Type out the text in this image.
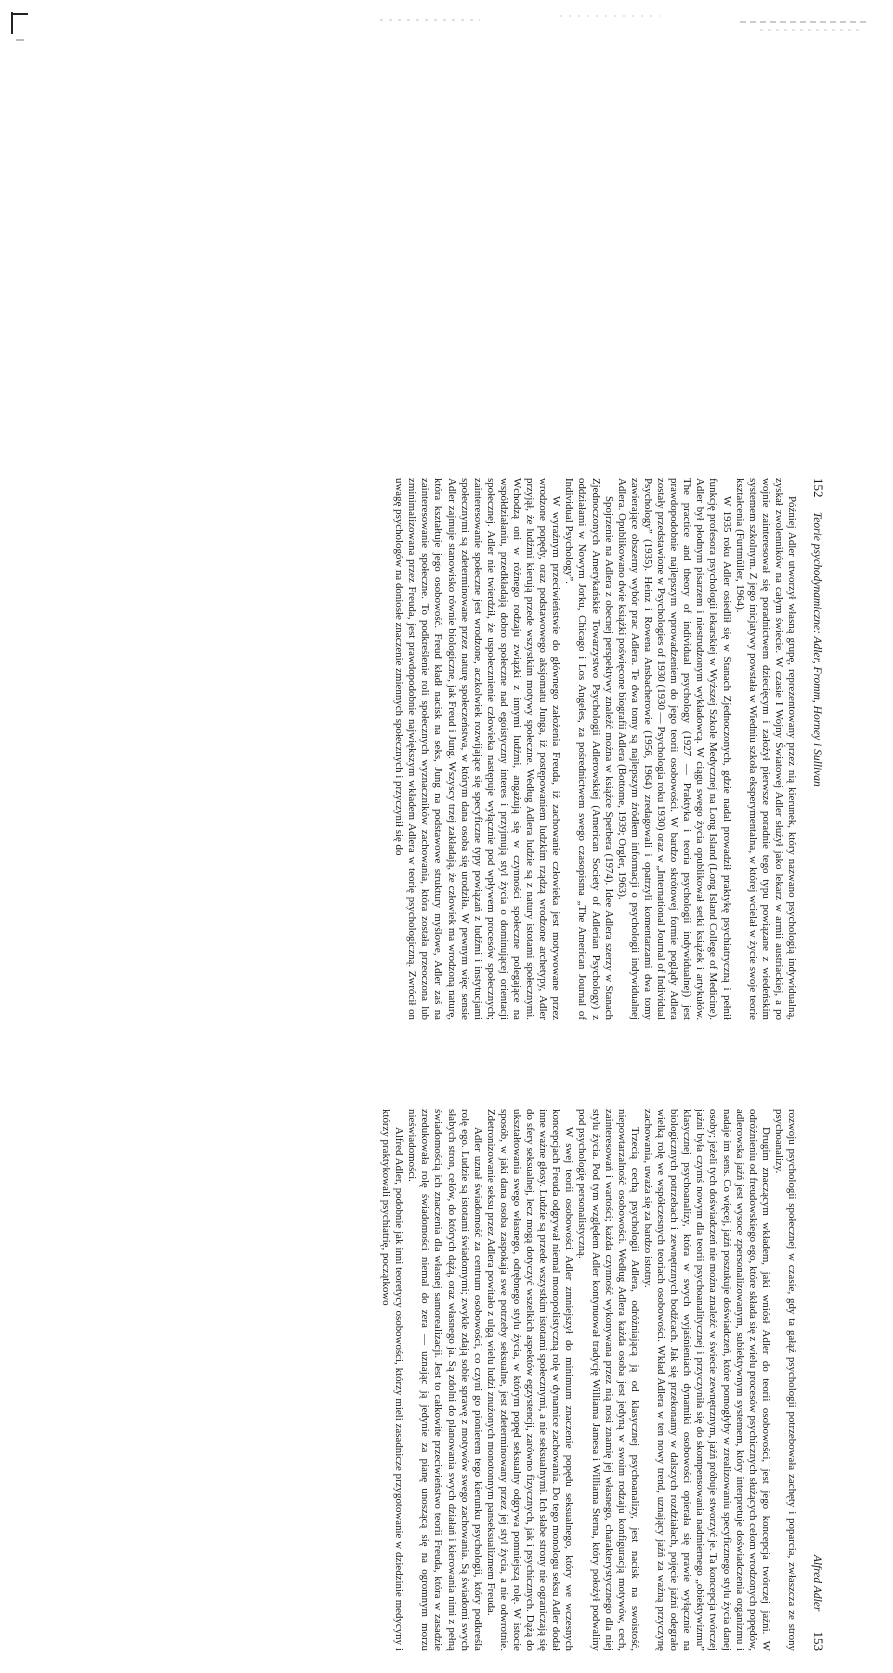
152     Teorie psychodynamiczne: Adler, Fromm, Horney i Sullivan

Później Adler utworzył własną grupę, reprezentowany przez nią kierunek, który nazwano psychologią indywidualną, zyskał zwolenników na całym świecie. W czasie I Wojny Światowej Adler służył jako lekarz w armii austriackiej, a po wojnie zainteresował się poradnictwem dziecięcym i założył pierwsze poradnie tego typu powiązane z wiedeńskim systemem szkolnym. Z jego inicjatywy powstała w Wiedniu szkoła eksperymentalna, w której wcielał w życie swoje teorie kształcenia (Furtmüller, 1964).

W 1935 roku Adler osiedlił się w Stanach Zjednoczonych, gdzie nadal prowadził praktykę psychiatryczną i pełnił funkcję profesora psychologii lekarskiej w Wyższej Szkole Medycznej na Long Island (Long Island College of Medicine). Adler był płodnym pisarzem i niestrudzonym wykładowcą. W ciągu swego życia opublikował setki książek i artykułów. The practice and theory of individual psychology (1927 — Praktyka i teoria psychologii indywidualnej) jest prawdopodobnie najlepszym wprowadzeniem do jego teorii osobowości. W bardzo skrótowej formie poglądy Adlera zostały przedstawione w Psychologies of 1930 (1930 — Psychologia roku 1930) oraz w „International Journal of Individual Psychology” (1935). Heinz i Rowena Ansbacherowie (1956, 1964) zredagowali i opatrzyli komentarzami dwa tomy zawierające obszerny wybór prac Adlera. Te dwa tomy są najlepszym źródłem informacji o psychologii indywidualnej Adlera. Opublikowano dwie książki poświęcone biografii Adlera (Bottome, 1939; Orgler, 1963).

Spojrzenie na Adlera z obecnej perspektywy znaleźć można w książce Sperbera (1974). Idee Adlera szerzy w Stanach Zjednoczonych Amerykańskie Towarzystwo Psychologii Adlerowskiej (American Society of Adlerian Psychology) z oddziałami w Nowym Jorku, Chicago i Los Angeles, za pośrednictwem swego czasopisma „The American Journal of Individual Psychology”.

W wyraźnym przeciwieństwie do głównego założenia Freuda, iż zachowanie człowieka jest motywowane przez wrodzone popędy, oraz podstawowego aksjomatu Junga, iż postępowaniem ludzkim rządzą wrodzone archetypy, Adler przyjął, że ludźmi kierują przede wszystkim motywy społeczne. Według Adlera ludzie są z natury istotami społecznymi. Wchodzą oni w różnego rodzaju związki z innymi ludźmi, angażują się w czynności społeczne polegające na współdziałaniu, przedkładają dobro społeczne nad egoistyczny interes i przyjmują styl życia o dominującej orientacji społecznej. Adler nie twierdził, że uspołecznienie człowieka następuje wyłącznie pod wpływem procesów społecznych; zainteresowanie społeczne jest wrodzone, aczkolwiek rozwijające się specyficzne typy powiązań z ludźmi i instytucjami społecznymi są zdeterminowane przez naturę społeczeństwa, w którym dana osoba się urodziła. W pewnym więc sensie Adler zajmuje stanowisko równie biologiczne, jak Freud i Jung. Wszyscy trzej zakładają, że człowiek ma wrodzoną naturę, która kształtuje jego osobowość. Freud kładł nacisk na seks, Jung na podstawowe struktury myślowe, Adler zaś na zainteresowanie społeczne. To podkreślenie roli społecznych wyznaczników zachowania, która została przeoczona lub zminimalizowana przez Freuda, jest prawdopodobnie największym wkładem Adlera w teorię psychologiczną. Zwrócił on uwagę psychologów na doniosłe znaczenie zmiennych społecznych i przyczynił się do

Alfred Adler       153

rozwoju psychologii społecznej w czasie, gdy ta gałąź psychologii potrzebowała zachęty i poparcia, zwłaszcza ze strony psychoanalizy.

Drugim znaczącym wkładem, jaki wniósł Adler do teorii osobowości, jest jego koncepcja twórczej jaźni. W odróżnieniu od freudowskiego ego, które składa się z wielu procesów psychicznych służących celom wrodzonych popędów, adlerowska jaźń jest wysoce zpersonalizowanym, subiektywnym systemem, który interpretuje doświadczenia organizmu i nadaje im sens. Co więcej, jaźń poszukuje doświadczeń, które pomogłyby w zrealizowaniu specyficznego stylu życia danej osoby; jeżeli tych doświadczeń nie można znaleźć w świecie zewnętrznym, jaźń próbuje stworzyć je. Ta koncepcja twórczej jaźni była czymś nowym dla teorii psychoanalitycznej i przyczyniła się do skompensowania nadmiernego „obiektywizmu” klasycznej psychoanalizy, która w swych wyjaśnieniach dynamiki osobowości opierała się prawie wyłącznie na biologicznych potrzebach i zewnętrznych bodźcach. Jak się przekonamy w dalszych rozdziałach, pojęcie jaźni odegrało wielką rolę we współczesnych teoriach osobowości. Wkład Adlera w ten nowy trend, uznający jaźń za ważną przyczynę zachowania, uważa się za bardzo istotny.

Trzecią cechą psychologii Adlera, odróżniającą ją od klasycznej psychoanalizy, jest nacisk na swoistość, niepowtarzalność osobowości. Według Adlera każda osoba jest jedyną w swoim rodzaju konfiguracją motywów, cech, zainteresowań i wartości; każda czynność wykonywana przez nią nosi znamię jej własnego, charakterystycznego dla niej stylu życia. Pod tym względem Adler kontynuował tradycję Williama Jamesa i Williama Sterna, który położył podwaliny pod psychologię personalistyczną.

W swej teorii osobowości Adler zmniejszył do minimum znaczenie popędu seksualnego, który we wczesnych koncepcjach Freuda odgrywał niemal monopolistyczną rolę w dynamice zachowania. Do tego monologu seksu Adler dodał inne ważne głosy. Ludzie są przede wszystkim istotami społecznymi, a nie seksualnymi. Ich słabe strony nie ograniczają się do sfery seksualnej, lecz mogą dotyczyć wszelkich aspektów egzystencji, zarówno fizycznych, jak i psychicznych. Dążą do ukształtowania swego własnego, odrębnego stylu życia, w którym popęd seksualny odgrywa pomniejszą rolę. W istocie sposób, w jaki dana osoba zaspokaja swe potrzeby seksualne, jest zdeterminowany przez jej styl życia, a nie odwrotnie. Zdetronizowanie seksu przez Adlera powitało z ulgą wielu ludzi znużonych monotonnym panseksualizmem Freuda.

Adler uznał świadomość za centrum osobowości, co czyni go pionierem tego kierunku psychologii, który podkreśla rolę ego. Ludzie są istotami świadomymi; zwykle zdają sobie sprawę z motywów swego zachowania. Są świadomi swych słabych stron, celów, do których dążą, oraz własnego ja. Są zdolni do planowania swych działań i kierowania nimi z pełną świadomością ich znaczenia dla własnej samorealizacji. Jest to całkowite przeciwieństwo teorii Freuda, która w zasadzie zredukowała rolę świadomości niemal do zera — uznając ją jedynie za pianę unoszącą się na ogromnym morzu nieświadomości.

Alfred Adler, podobnie jak inni teoretycy osobowości, którzy mieli zasadnicze przygotowanie w dziedzinie medycyny i którzy praktykowali psychiatrię, początkowo
